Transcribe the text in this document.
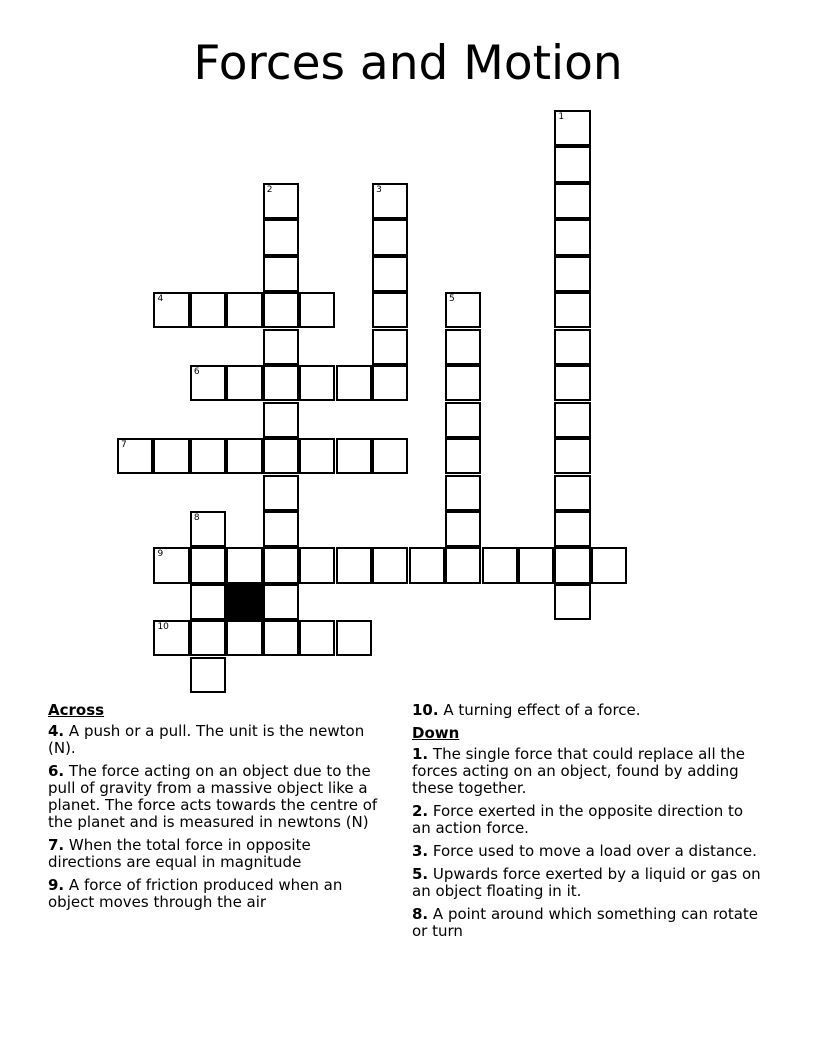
Forces and Motion
1
2	3
4	5
6
7
8
9
10
Across
4. A push or a pull. The unit is the newton (N).
6. The force acting on an object due to the pull of gravity from a massive object like a planet. The force acts towards the centre of the planet and is measured in newtons (N)
7. When the total force in opposite directions are equal in magnitude
9. A force of friction produced when an object moves through the air
10. A turning effect of a force.
Down
1. The single force that could replace all the forces acting on an object, found by adding these together.
2. Force exerted in the opposite direction to an action force.
3. Force used to move a load over a distance.
5. Upwards force exerted by a liquid or gas on an object floating in it.
8. A point around which something can rotate or turn
